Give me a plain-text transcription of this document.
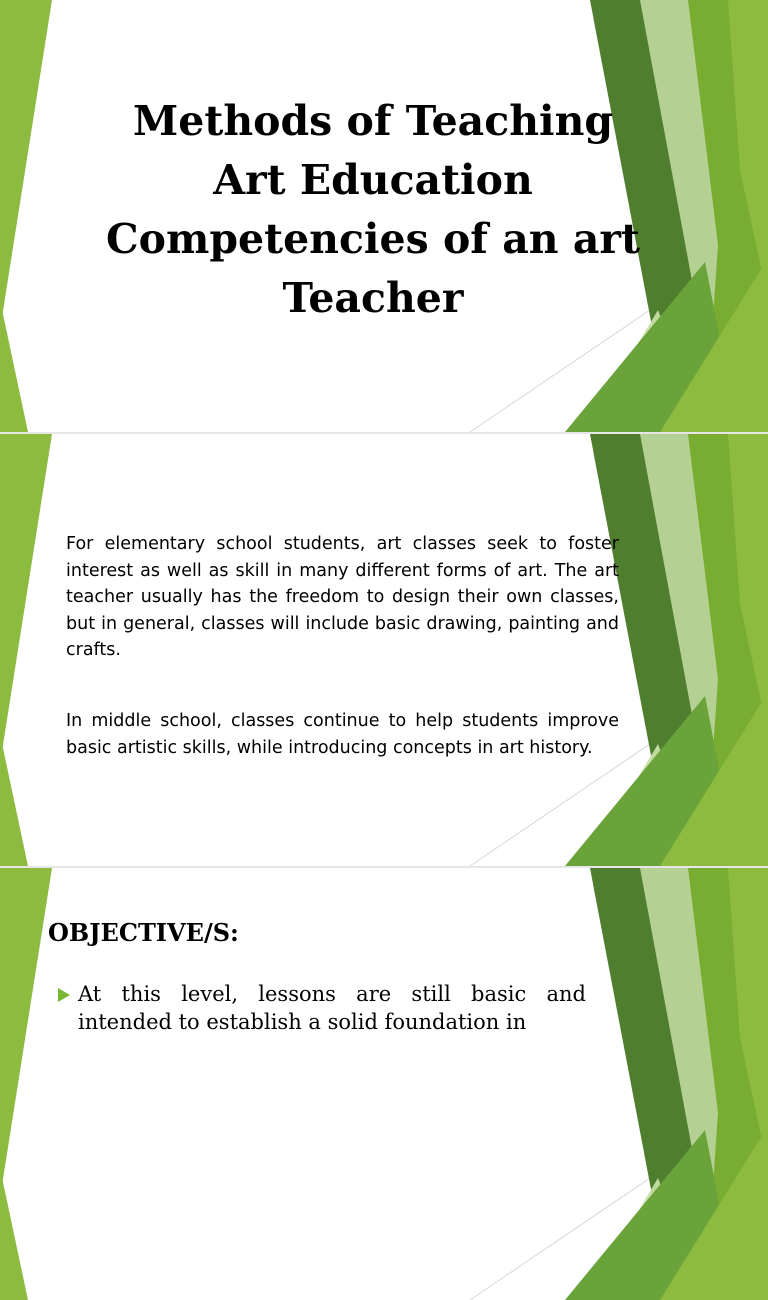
Methods of Teaching
Art Education
Competencies of an art
Teacher

For elementary school students, art classes seek to foster interest as well as skill in many different forms of art. The art teacher usually has the freedom to design their own classes, but in general, classes will include basic drawing, painting and crafts.

In middle school, classes continue to help students improve basic artistic skills, while introducing concepts in art history.

OBJECTIVE/S:

At this level, lessons are still basic and intended to establish a solid foundation in
